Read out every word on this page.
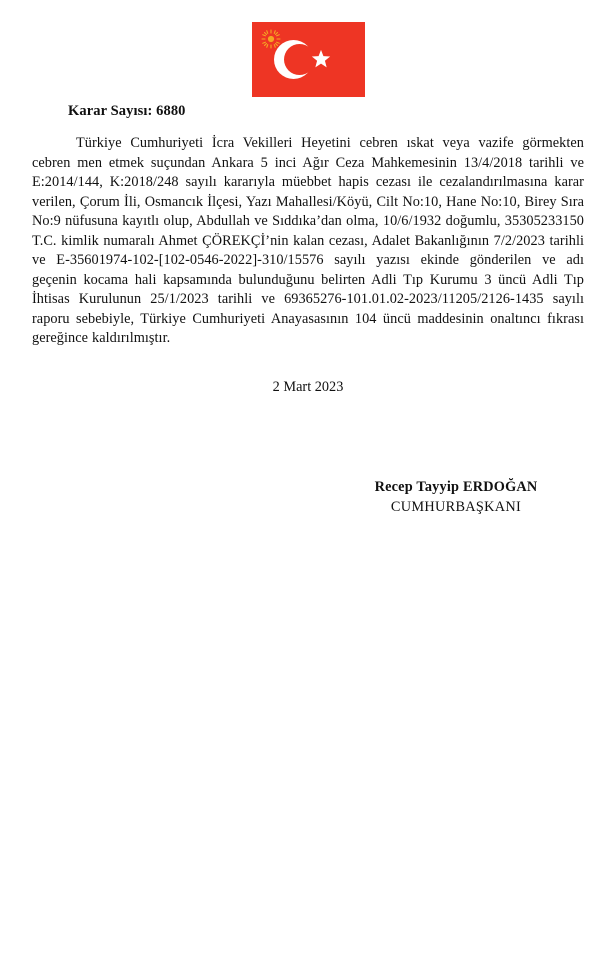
Karar Sayısı: 6880
Türkiye Cumhuriyeti İcra Vekilleri Heyetini cebren ıskat veya vazife görmekten cebren men etmek suçundan Ankara 5 inci Ağır Ceza Mahkemesinin 13/4/2018 tarihli ve E:2014/144, K:2018/248 sayılı kararıyla müebbet hapis cezası ile cezalandırılmasına karar verilen, Çorum İli, Osmancık İlçesi, Yazı Mahallesi/Köyü, Cilt No:10, Hane No:10, Birey Sıra No:9 nüfusuna kayıtlı olup, Abdullah ve Sıddıka’dan olma, 10/6/1932 doğumlu, 35305233150 T.C. kimlik numaralı Ahmet ÇÖREKÇİ’nin kalan cezası, Adalet Bakanlığının 7/2/2023 tarihli ve E-35601974-102-[102-0546-2022]-310/15576 sayılı yazısı ekinde gönderilen ve adı geçenin kocama hali kapsamında bulunduğunu belirten Adli Tıp Kurumu 3 üncü Adli Tıp İhtisas Kurulunun 25/1/2023 tarihli ve 69365276-101.01.02-2023/11205/2126-1435 sayılı raporu sebebiyle, Türkiye Cumhuriyeti Anayasasının 104 üncü maddesinin onaltıncı fıkrası gereğince kaldırılmıştır.
2 Mart 2023
Recep Tayyip ERDOĞAN
CUMHURBAŞKANI
